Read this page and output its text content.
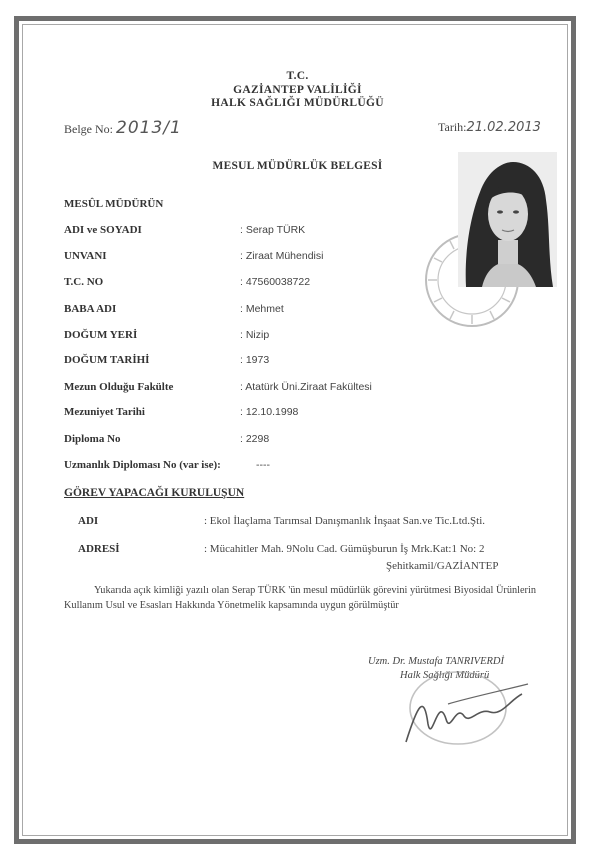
T.C.
GAZİANTEP VALİLİĞİ
HALK SAĞLIĞI MÜDÜRLÜĞÜ
Belge No: 2013/1	Tarih:21.02.2013
MESUL MÜDÜRLÜK BELGESİ
MESÛL MÜDÜRÜN
ADI ve SOYADI	: Serap TÜRK
UNVANI	: Ziraat Mühendisi
T.C. NO	: 47560038722
BABA ADI	: Mehmet
DOĞUM YERİ	: Nizip
DOĞUM TARİHİ	: 1973
Mezun Olduğu Fakülte	: Atatürk Üni.Ziraat Fakültesi
Mezuniyet Tarihi	: 12.10.1998
Diploma No	: 2298
Uzmanlık Diploması No (var ise):	----
GÖREV YAPACAĞI KURULUŞUN
ADI	: Ekol İlaçlama Tarımsal Danışmanlık İnşaat San.ve Tic.Ltd.Şti.
ADRESİ	: Mücahitler Mah. 9Nolu Cad. Gümüşburun İş Mrk.Kat:1 No: 2
Şehitkamil/GAZİANTEP
Yukarıda açık kimliği yazılı olan Serap TÜRK 'ün mesul müdürlük görevini yürütmesi Biyosidal Ürünlerin Kullanım Usul ve Esasları Hakkında Yönetmelik kapsamında uygun görülmüştür
Uzm. Dr. Mustafa TANRIVERDİ
Halk Sağlığı Müdürü
